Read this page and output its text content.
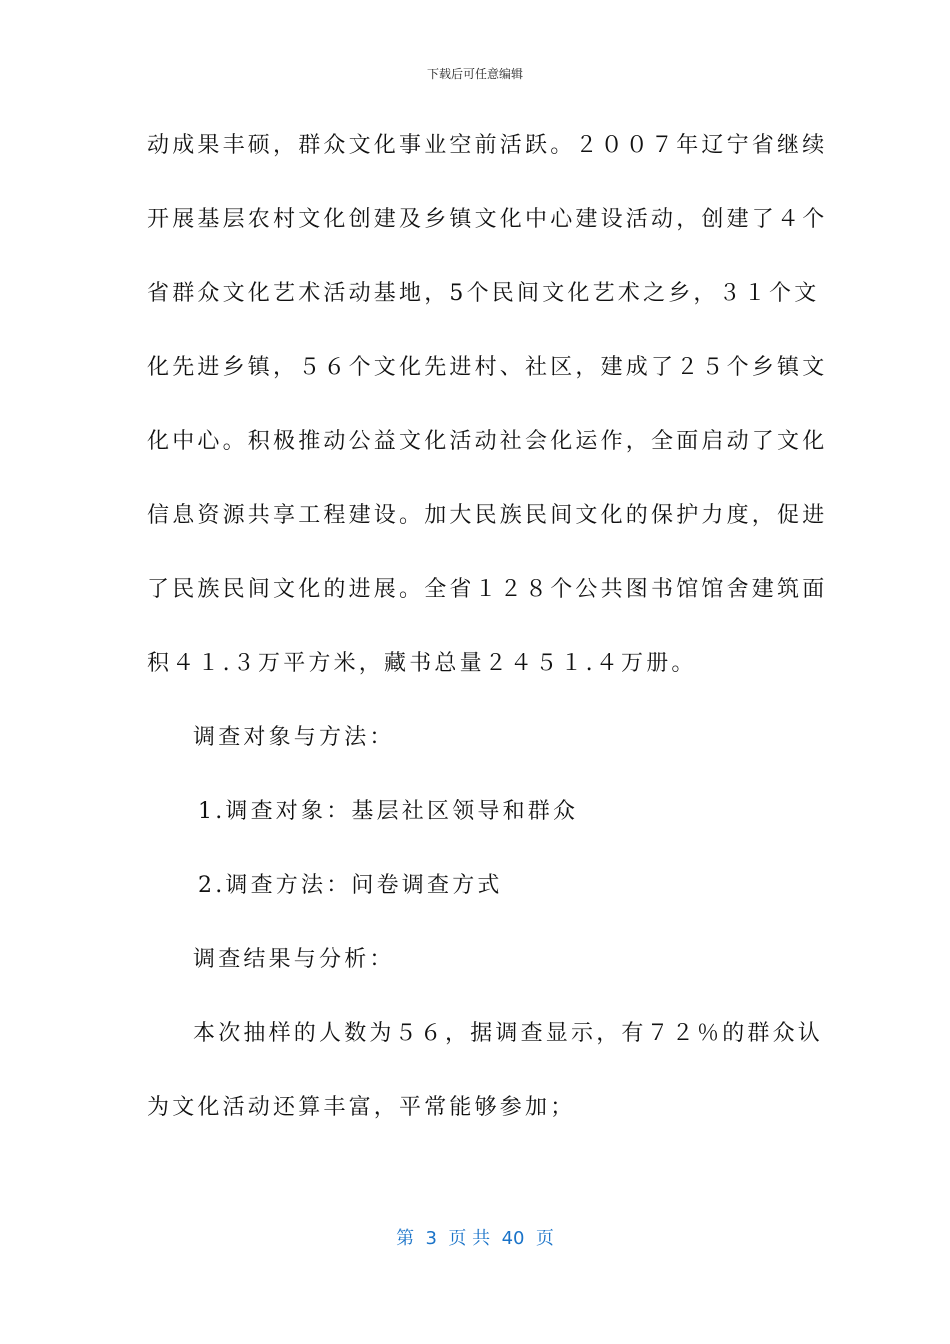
下载后可任意编辑
动成果丰硕，群众文化事业空前活跃。２００７年辽宁省继续
开展基层农村文化创建及乡镇文化中心建设活动，创建了４个
省群众文化艺术活动基地，5个民间文化艺术之乡，３１个文
化先进乡镇，５６个文化先进村、社区，建成了２５个乡镇文
化中心。积极推动公益文化活动社会化运作，全面启动了文化
信息资源共享工程建设。加大民族民间文化的保护力度，促进
了民族民间文化的进展。全省１２８个公共图书馆馆舍建筑面
积４１.３万平方米，藏书总量２４５１.４万册。
调查对象与方法：
1.调查对象：基层社区领导和群众
2.调查方法：问卷调查方式
调查结果与分析：
本次抽样的人数为５６，据调查显示，有７２％的群众认
为文化活动还算丰富，平常能够参加；
第  3  页 共  40  页
